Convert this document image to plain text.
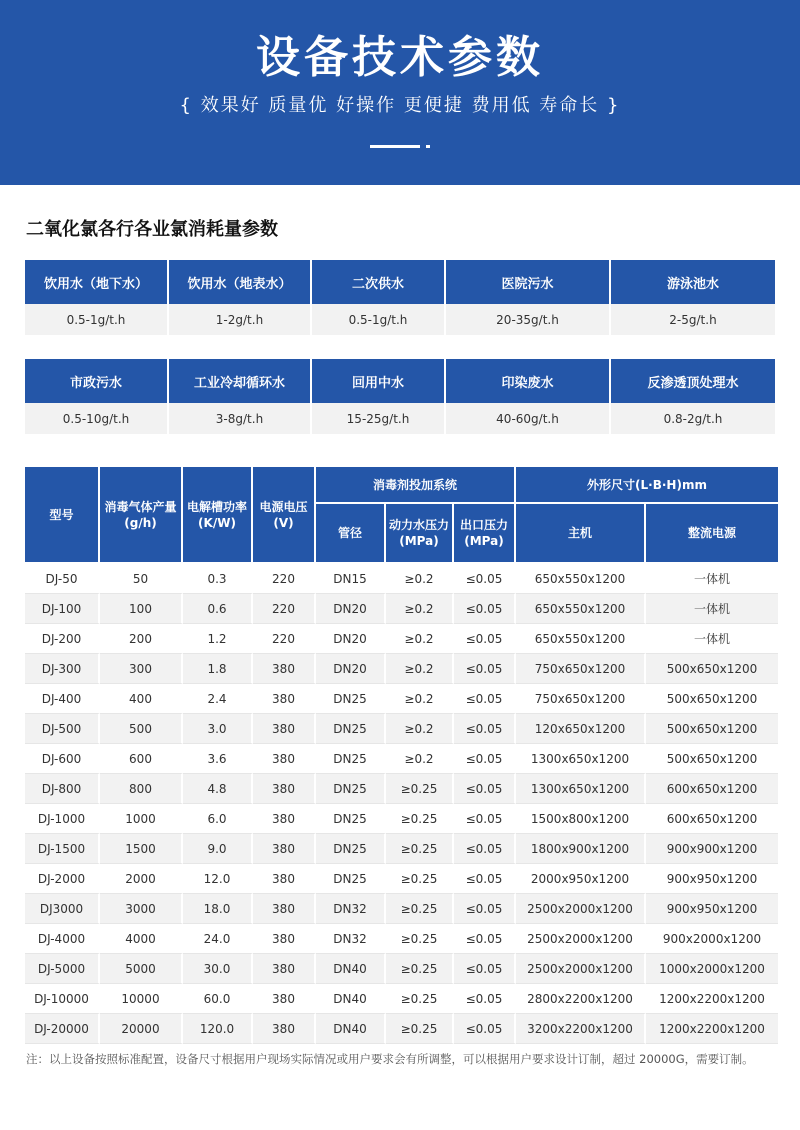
设备技术参数
{ 效果好 质量优 好操作 更便捷 费用低 寿命长 }
二氧化氯各行各业氯消耗量参数
饮用水（地下水）	饮用水（地表水）	二次供水	医院污水	游泳池水
0.5-1g/t.h	1-2g/t.h	0.5-1g/t.h	20-35g/t.h	2-5g/t.h
市政污水	工业冷却循环水	回用中水	印染废水	反渗透顶处理水
0.5-10g/t.h	3-8g/t.h	15-25g/t.h	40-60g/t.h	0.8-2g/t.h
型号	消毒气体产量(g/h)	电解槽功率(K/W)	电源电压(V)	消毒剂投加系统			外形尺寸(L·B·H)mm	
				管径	动力水压力(MPa)	出口压力(MPa)	主机	整流电源
DJ-50	50	0.3	220	DN15	≥0.2	≤0.05	650x550x1200	一体机
DJ-100	100	0.6	220	DN20	≥0.2	≤0.05	650x550x1200	一体机
DJ-200	200	1.2	220	DN20	≥0.2	≤0.05	650x550x1200	一体机
DJ-300	300	1.8	380	DN20	≥0.2	≤0.05	750x650x1200	500x650x1200
DJ-400	400	2.4	380	DN25	≥0.2	≤0.05	750x650x1200	500x650x1200
DJ-500	500	3.0	380	DN25	≥0.2	≤0.05	120x650x1200	500x650x1200
DJ-600	600	3.6	380	DN25	≥0.2	≤0.05	1300x650x1200	500x650x1200
DJ-800	800	4.8	380	DN25	≥0.25	≤0.05	1300x650x1200	600x650x1200
DJ-1000	1000	6.0	380	DN25	≥0.25	≤0.05	1500x800x1200	600x650x1200
DJ-1500	1500	9.0	380	DN25	≥0.25	≤0.05	1800x900x1200	900x900x1200
DJ-2000	2000	12.0	380	DN25	≥0.25	≤0.05	2000x950x1200	900x950x1200
DJ3000	3000	18.0	380	DN32	≥0.25	≤0.05	2500x2000x1200	900x950x1200
DJ-4000	4000	24.0	380	DN32	≥0.25	≤0.05	2500x2000x1200	900x2000x1200
DJ-5000	5000	30.0	380	DN40	≥0.25	≤0.05	2500x2000x1200	1000x2000x1200
DJ-10000	10000	60.0	380	DN40	≥0.25	≤0.05	2800x2200x1200	1200x2200x1200
DJ-20000	20000	120.0	380	DN40	≥0.25	≤0.05	3200x2200x1200	1200x2200x1200
注：以上设备按照标准配置，设备尺寸根据用户现场实际情况或用户要求会有所调整，可以根据用户要求设计订制，超过 20000G，需要订制。
